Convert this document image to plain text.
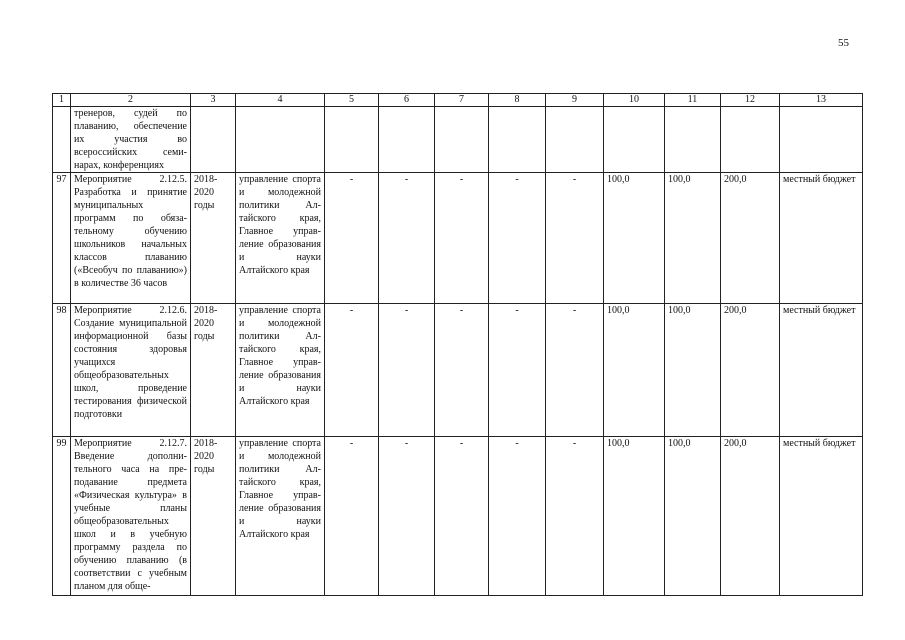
55
1	2	3	4	5	6	7	8	9	10	11	12	13
	тренеров, судей по плаванию, обеспечение их участия во всероссийских семинарах, конференциях											
97	Мероприятие 2.12.5. Разработка и принятие муниципальных программ по обязательному обучению школьников начальных классов плаванию («Всеобуч по плаванию») в количестве 36 часов	2018-2020 годы	управление спорта и молодежной политики Алтайского края, Главное управление образования и науки Алтайского края	-	-	-	-	-	100,0	100,0	200,0	местный бюджет
98	Мероприятие 2.12.6. Создание муниципальной информационной базы состояния здоровья учащихся общеобразовательных школ, проведение тестирования физической подготовки	2018-2020 годы	управление спорта и молодежной политики Алтайского края, Главное управление образования и науки Алтайского края	-	-	-	-	-	100,0	100,0	200,0	местный бюджет
99	Мероприятие 2.12.7. Введение дополнительного часа на преподавание предмета «Физическая культура» в учебные планы общеобразовательных школ и в учебную программу раздела по обучению плаванию (в соответствии с учебным планом для обще-	2018-2020 годы	управление спорта и молодежной политики Алтайского края, Главное управление образования и науки Алтайского края	-	-	-	-	-	100,0	100,0	200,0	местный бюджет
